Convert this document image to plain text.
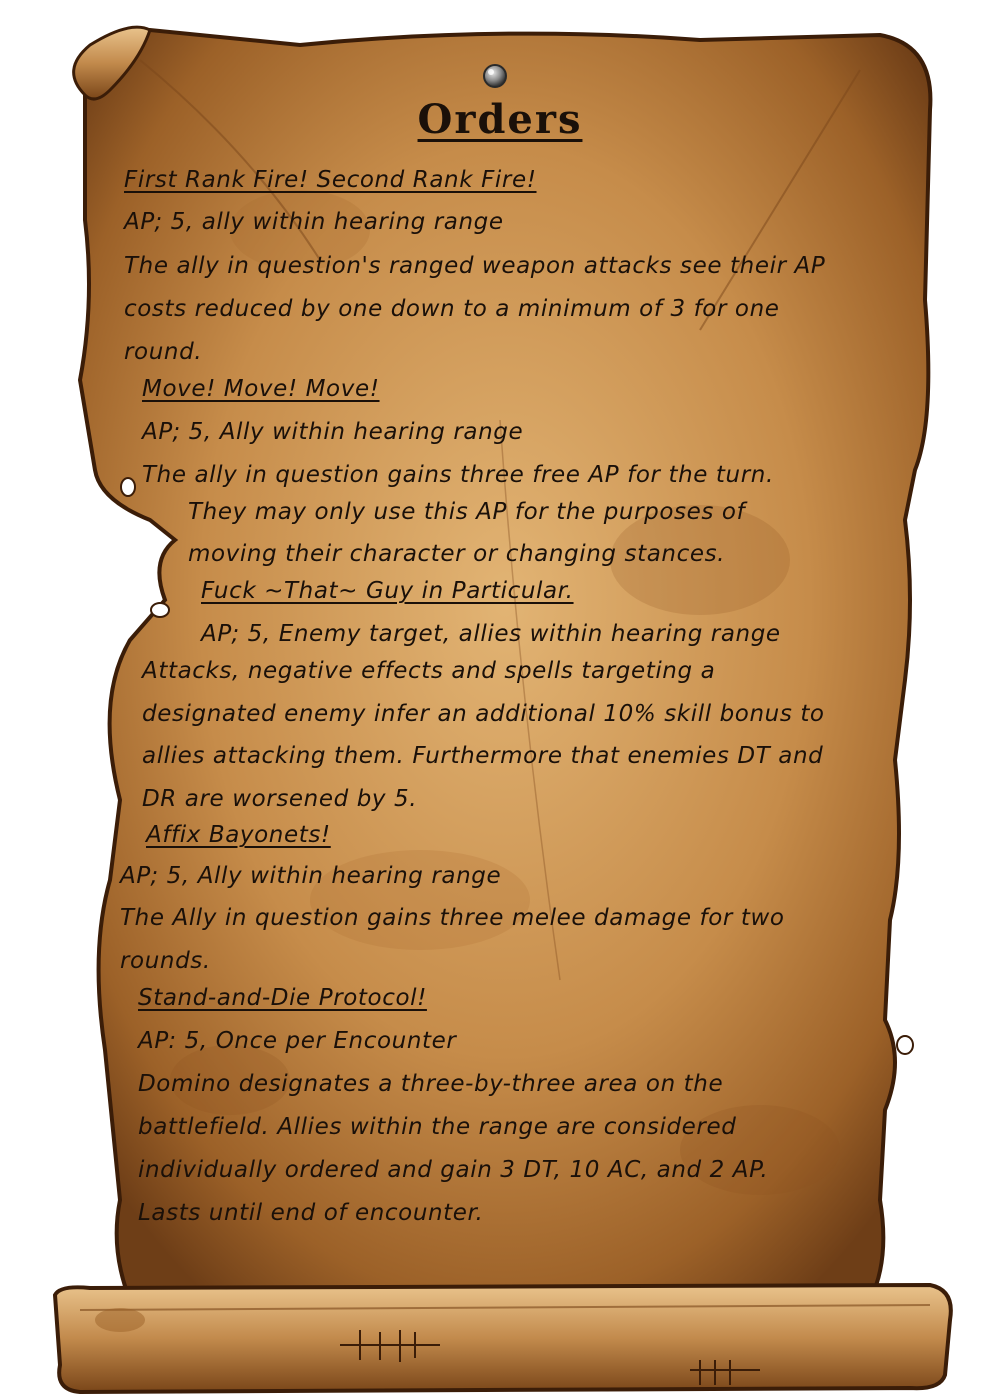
Orders
First Rank Fire! Second Rank Fire!
AP; 5, ally within hearing range
The ally in question's ranged weapon attacks see their AP
costs reduced by one down to a minimum of 3 for one
round.
Move! Move! Move!
AP; 5, Ally within hearing range
The ally in question gains three free AP for the turn.
They may only use this AP for the purposes of
moving their character or changing stances.
Fuck ~That~ Guy in Particular.
AP; 5, Enemy target, allies within hearing range
Attacks, negative effects and spells targeting a
designated enemy infer an additional 10% skill bonus to
allies attacking them. Furthermore that enemies DT and
DR are worsened by 5.
Affix Bayonets!
AP; 5, Ally within hearing range
The Ally in question gains three melee damage for two
rounds.
Stand-and-Die Protocol!
AP: 5, Once per Encounter
Domino designates a three-by-three area on the
battlefield. Allies within the range are considered
individually ordered and gain 3 DT, 10 AC, and 2 AP.
Lasts until end of encounter.
